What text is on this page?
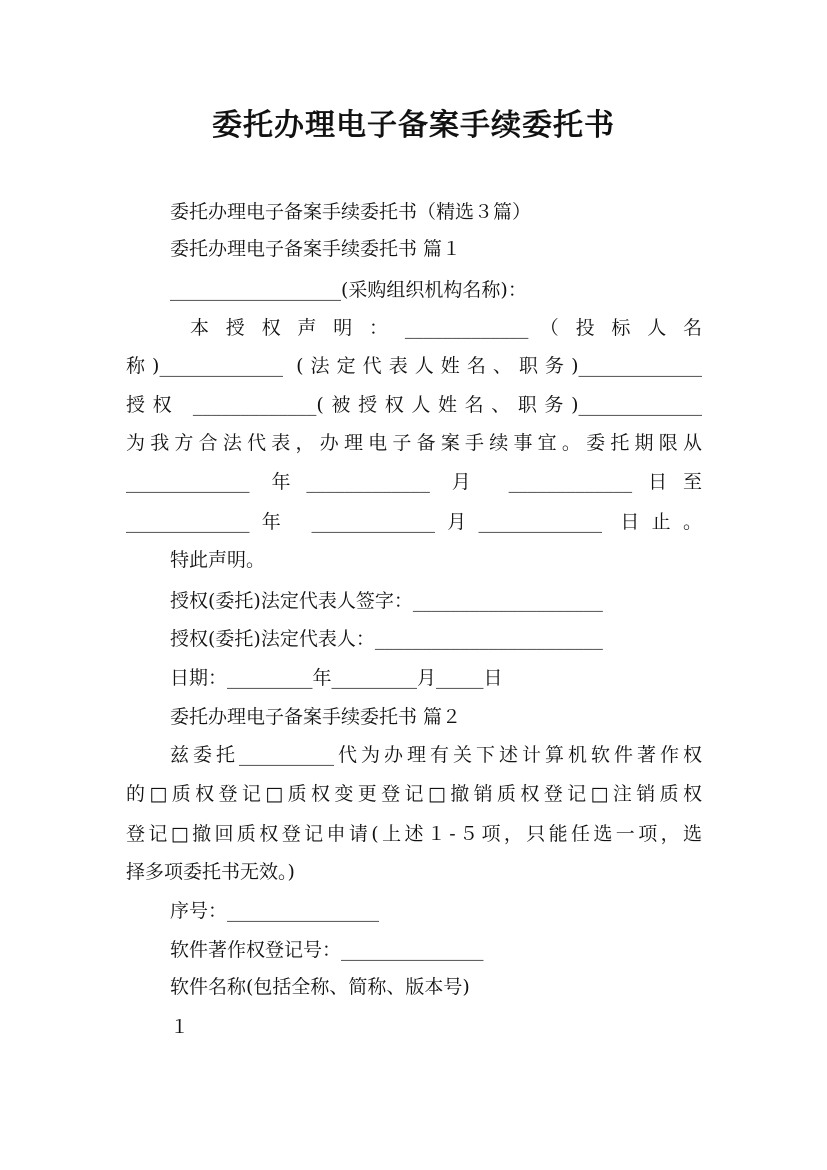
委托办理电子备案手续委托书
委托办理电子备案手续委托书（精选３篇）
委托办理电子备案手续委托书 篇１
__________________(采购组织机构名称)：
本 授 权 声 明 ： _____________ （ 投 标 人 名
称)_____________ (法定代表人姓名、职务)_____________
授权 _____________(被授权人姓名、职务)_____________
为我方合法代表，办理电子备案手续事宜。委托期限从
_____________ 年_____________ 月 _____________日至
_____________年 _____________月_____________ 日止。
特此声明。
授权(委托)法定代表人签字：____________________
授权(委托)法定代表人：________________________
日期：_________年_________月_____日
委托办理电子备案手续委托书 篇２
兹委托__________代为办理有关下述计算机软件著作权
的□质权登记□质权变更登记□撤销质权登记□注销质权
登记□撤回质权登记申请(上述１-５项，只能任选一项，选
择多项委托书无效。)
序号：________________
软件著作权登记号：_______________
软件名称(包括全称、简称、版本号)
１
